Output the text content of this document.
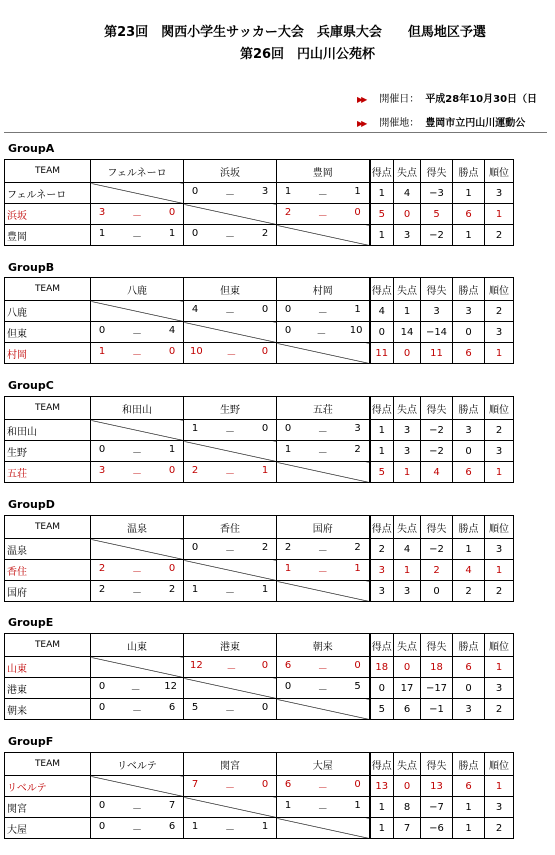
第23回　関西小学生サッカー大会　兵庫県大会　　但馬地区予選
第26回　円山川公苑杯
▶▶ 開催日： 平成28年10月30日（日
▶▶ 開催地： 豊岡市立円山川運動公
GroupA
TEAM	フェルネーロ	浜坂	豊岡	得点	失点	得失	勝点	順位
フェルネーロ		0 － 3	1 － 1	1	4	−3	1	3
浜坂	3 － 0		2 － 0	5	0	5	6	1
豊岡	1 － 1	0 － 2		1	3	−2	1	2
GroupB
TEAM	八鹿	但東	村岡	得点	失点	得失	勝点	順位
八鹿		4 － 0	0 － 1	4	1	3	3	2
但東	0 － 4		0 － 10	0	14	−14	0	3
村岡	1 － 0	10 － 0		11	0	11	6	1
GroupC
TEAM	和田山	生野	五荘	得点	失点	得失	勝点	順位
和田山		1 － 0	0 － 3	1	3	−2	3	2
生野	0 － 1		1 － 2	1	3	−2	0	3
五荘	3 － 0	2 － 1		5	1	4	6	1
GroupD
TEAM	温泉	香住	国府	得点	失点	得失	勝点	順位
温泉		0 － 2	2 － 2	2	4	−2	1	3
香住	2 － 0		1 － 1	3	1	2	4	1
国府	2 － 2	1 － 1		3	3	0	2	2
GroupE
TEAM	山東	港東	朝来	得点	失点	得失	勝点	順位
山東		12 － 0	6 － 0	18	0	18	6	1
港東	0 － 12		0 － 5	0	17	−17	0	3
朝来	0 － 6	5 － 0		5	6	−1	3	2
GroupF
TEAM	リベルテ	関宮	大屋	得点	失点	得失	勝点	順位
リベルテ		7 － 0	6 － 0	13	0	13	6	1
関宮	0 － 7		1 － 1	1	8	−7	1	3
大屋	0 － 6	1 － 1		1	7	−6	1	2
